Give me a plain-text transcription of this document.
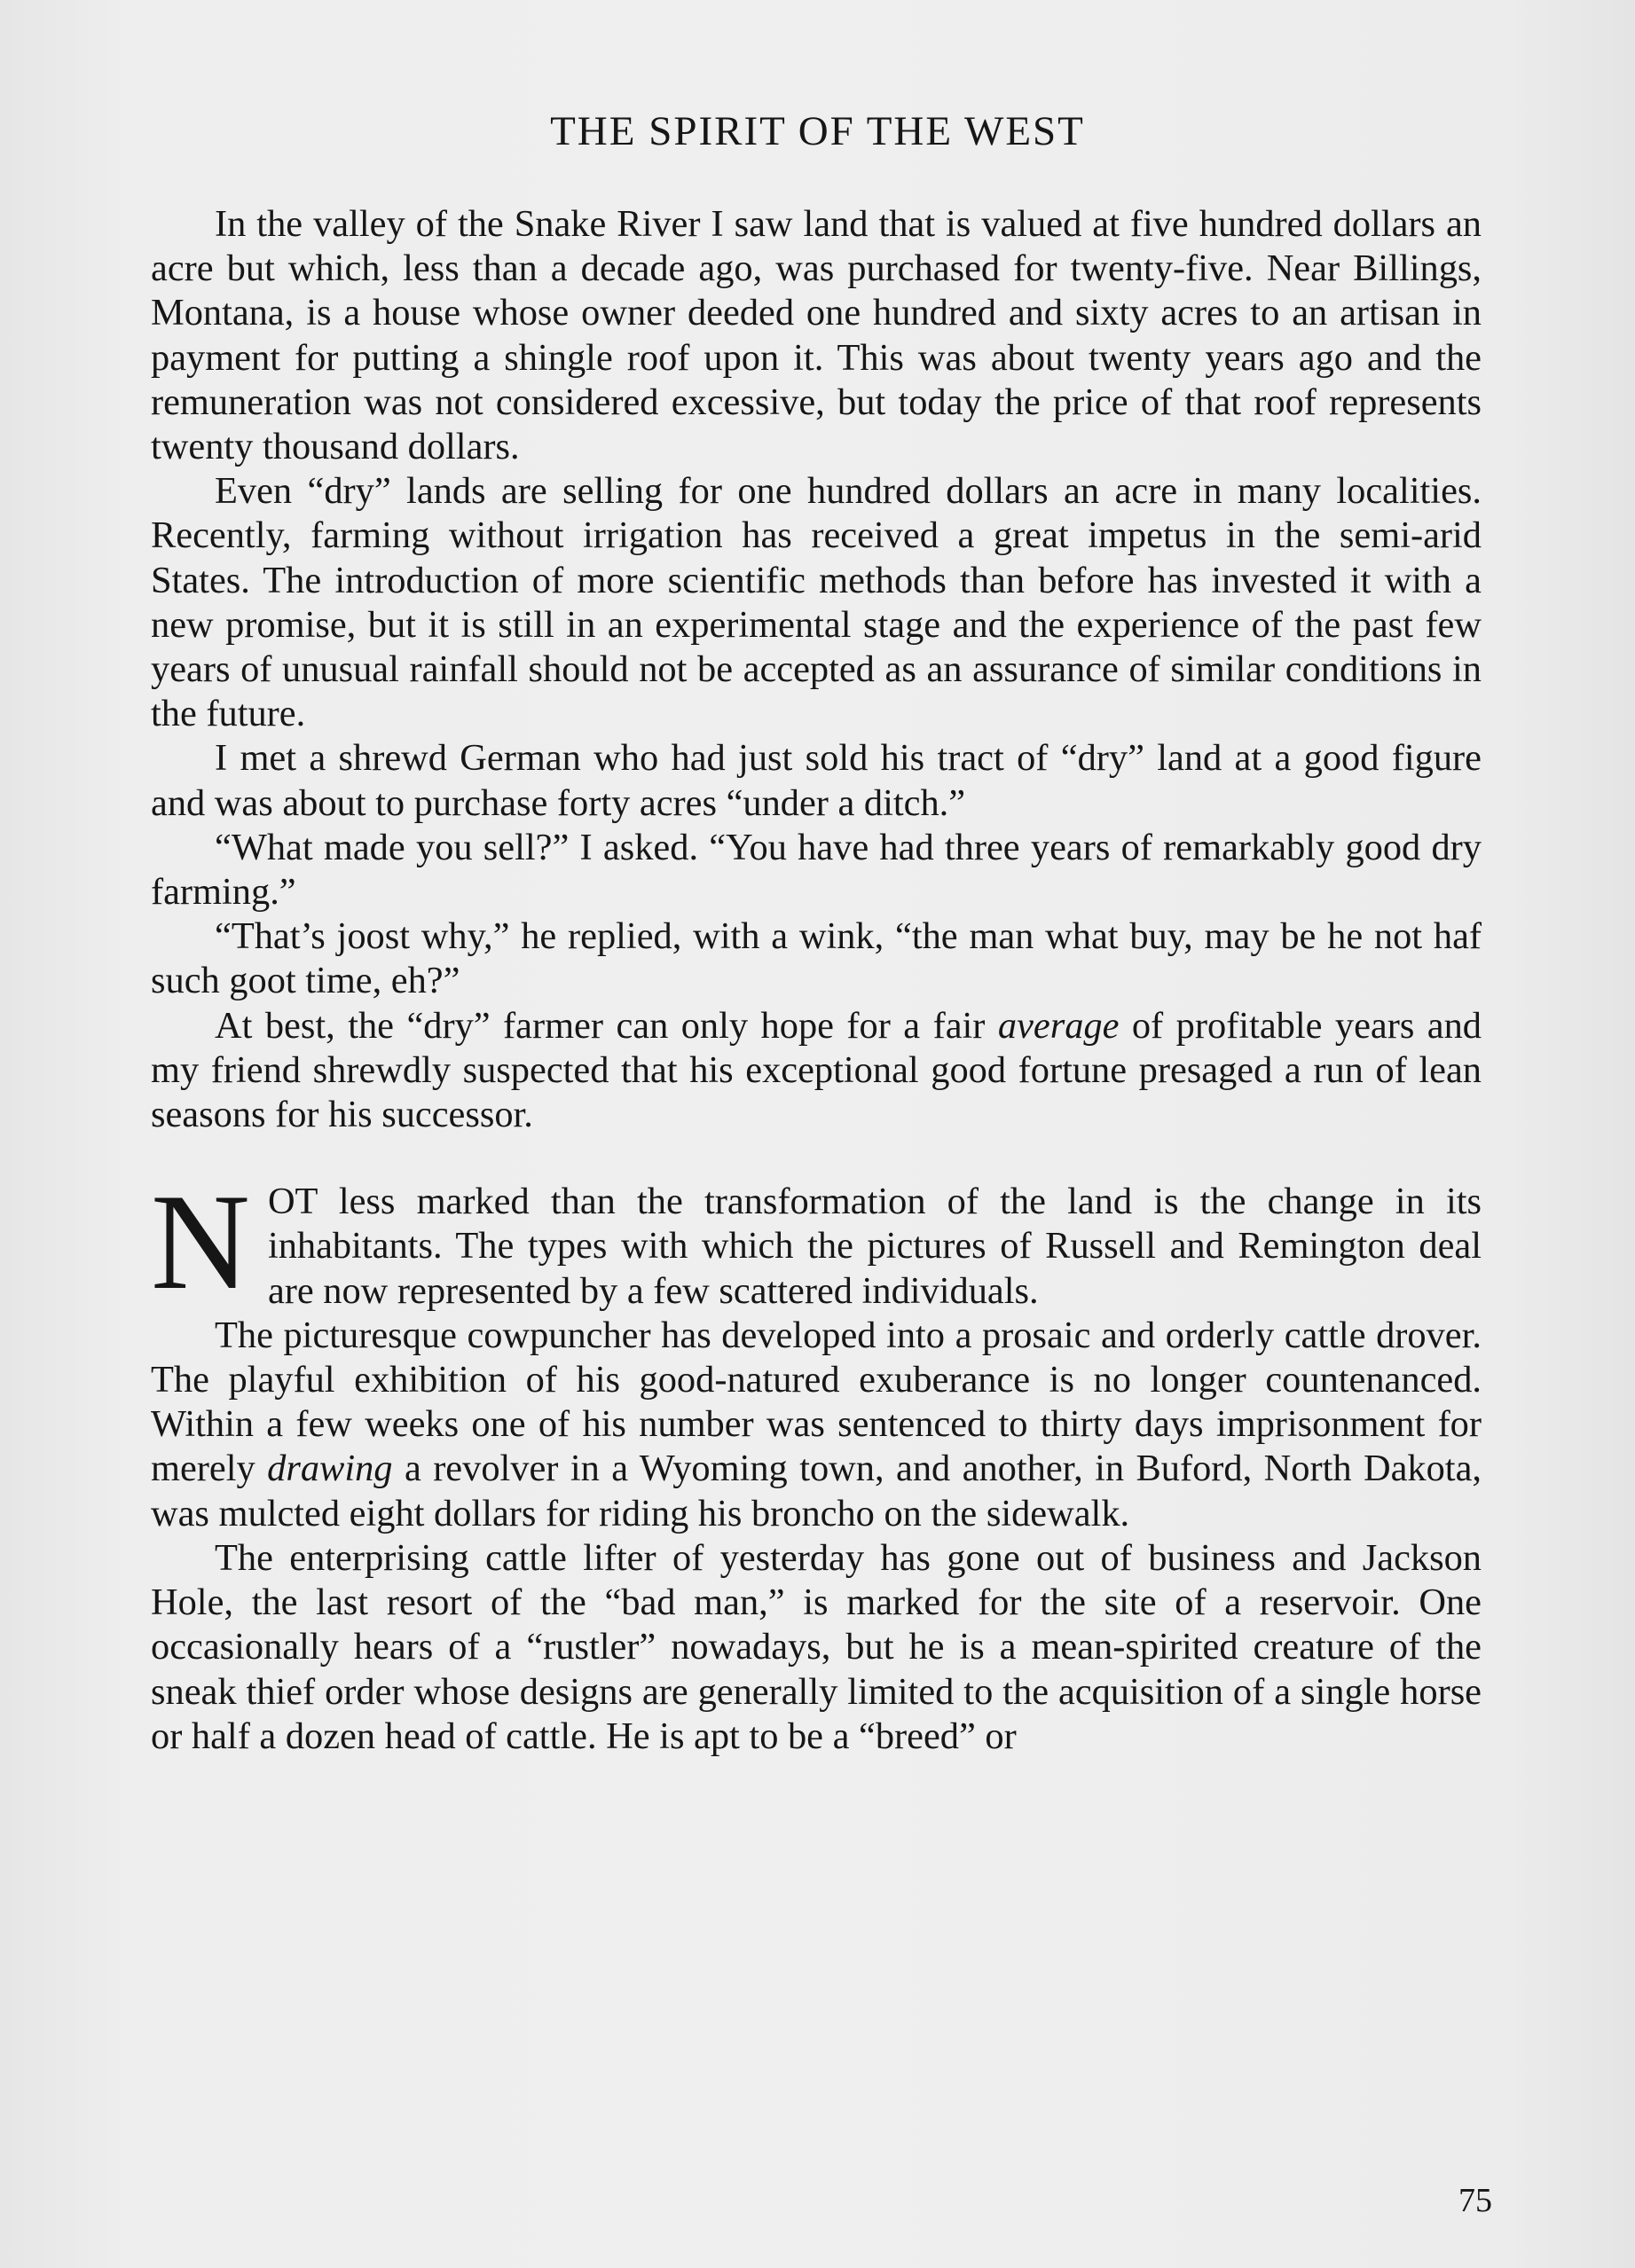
THE SPIRIT OF THE WEST

In the valley of the Snake River I saw land that is valued at five hundred dollars an acre but which, less than a decade ago, was purchased for twenty-five. Near Billings, Montana, is a house whose owner deeded one hundred and sixty acres to an artisan in payment for putting a shingle roof upon it. This was about twenty years ago and the remuneration was not considered excessive, but today the price of that roof represents twenty thousand dollars.

Even “dry” lands are selling for one hundred dollars an acre in many localities. Recently, farming without irrigation has received a great impetus in the semi-arid States. The introduction of more scientific methods than before has invested it with a new promise, but it is still in an experimental stage and the experience of the past few years of unusual rainfall should not be accepted as an assurance of similar conditions in the future.

I met a shrewd German who had just sold his tract of “dry” land at a good figure and was about to purchase forty acres “under a ditch.”

“What made you sell?” I asked. “You have had three years of remarkably good dry farming.”

“That’s joost why,” he replied, with a wink, “the man what buy, may be he not haf such goot time, eh?”

At best, the “dry” farmer can only hope for a fair average of profitable years and my friend shrewdly suspected that his exceptional good fortune presaged a run of lean seasons for his successor.

NOT less marked than the transformation of the land is the change in its inhabitants. The types with which the pictures of Russell and Remington deal are now represented by a few scattered individuals.

The picturesque cowpuncher has developed into a prosaic and orderly cattle drover. The playful exhibition of his good-natured exuberance is no longer countenanced. Within a few weeks one of his number was sentenced to thirty days imprisonment for merely drawing a revolver in a Wyoming town, and another, in Buford, North Dakota, was mulcted eight dollars for riding his broncho on the sidewalk.

The enterprising cattle lifter of yesterday has gone out of business and Jackson Hole, the last resort of the “bad man,” is marked for the site of a reservoir. One occasionally hears of a “rustler” nowadays, but he is a mean-spirited creature of the sneak thief order whose designs are generally limited to the acquisition of a single horse or half a dozen head of cattle. He is apt to be a “breed” or

75
